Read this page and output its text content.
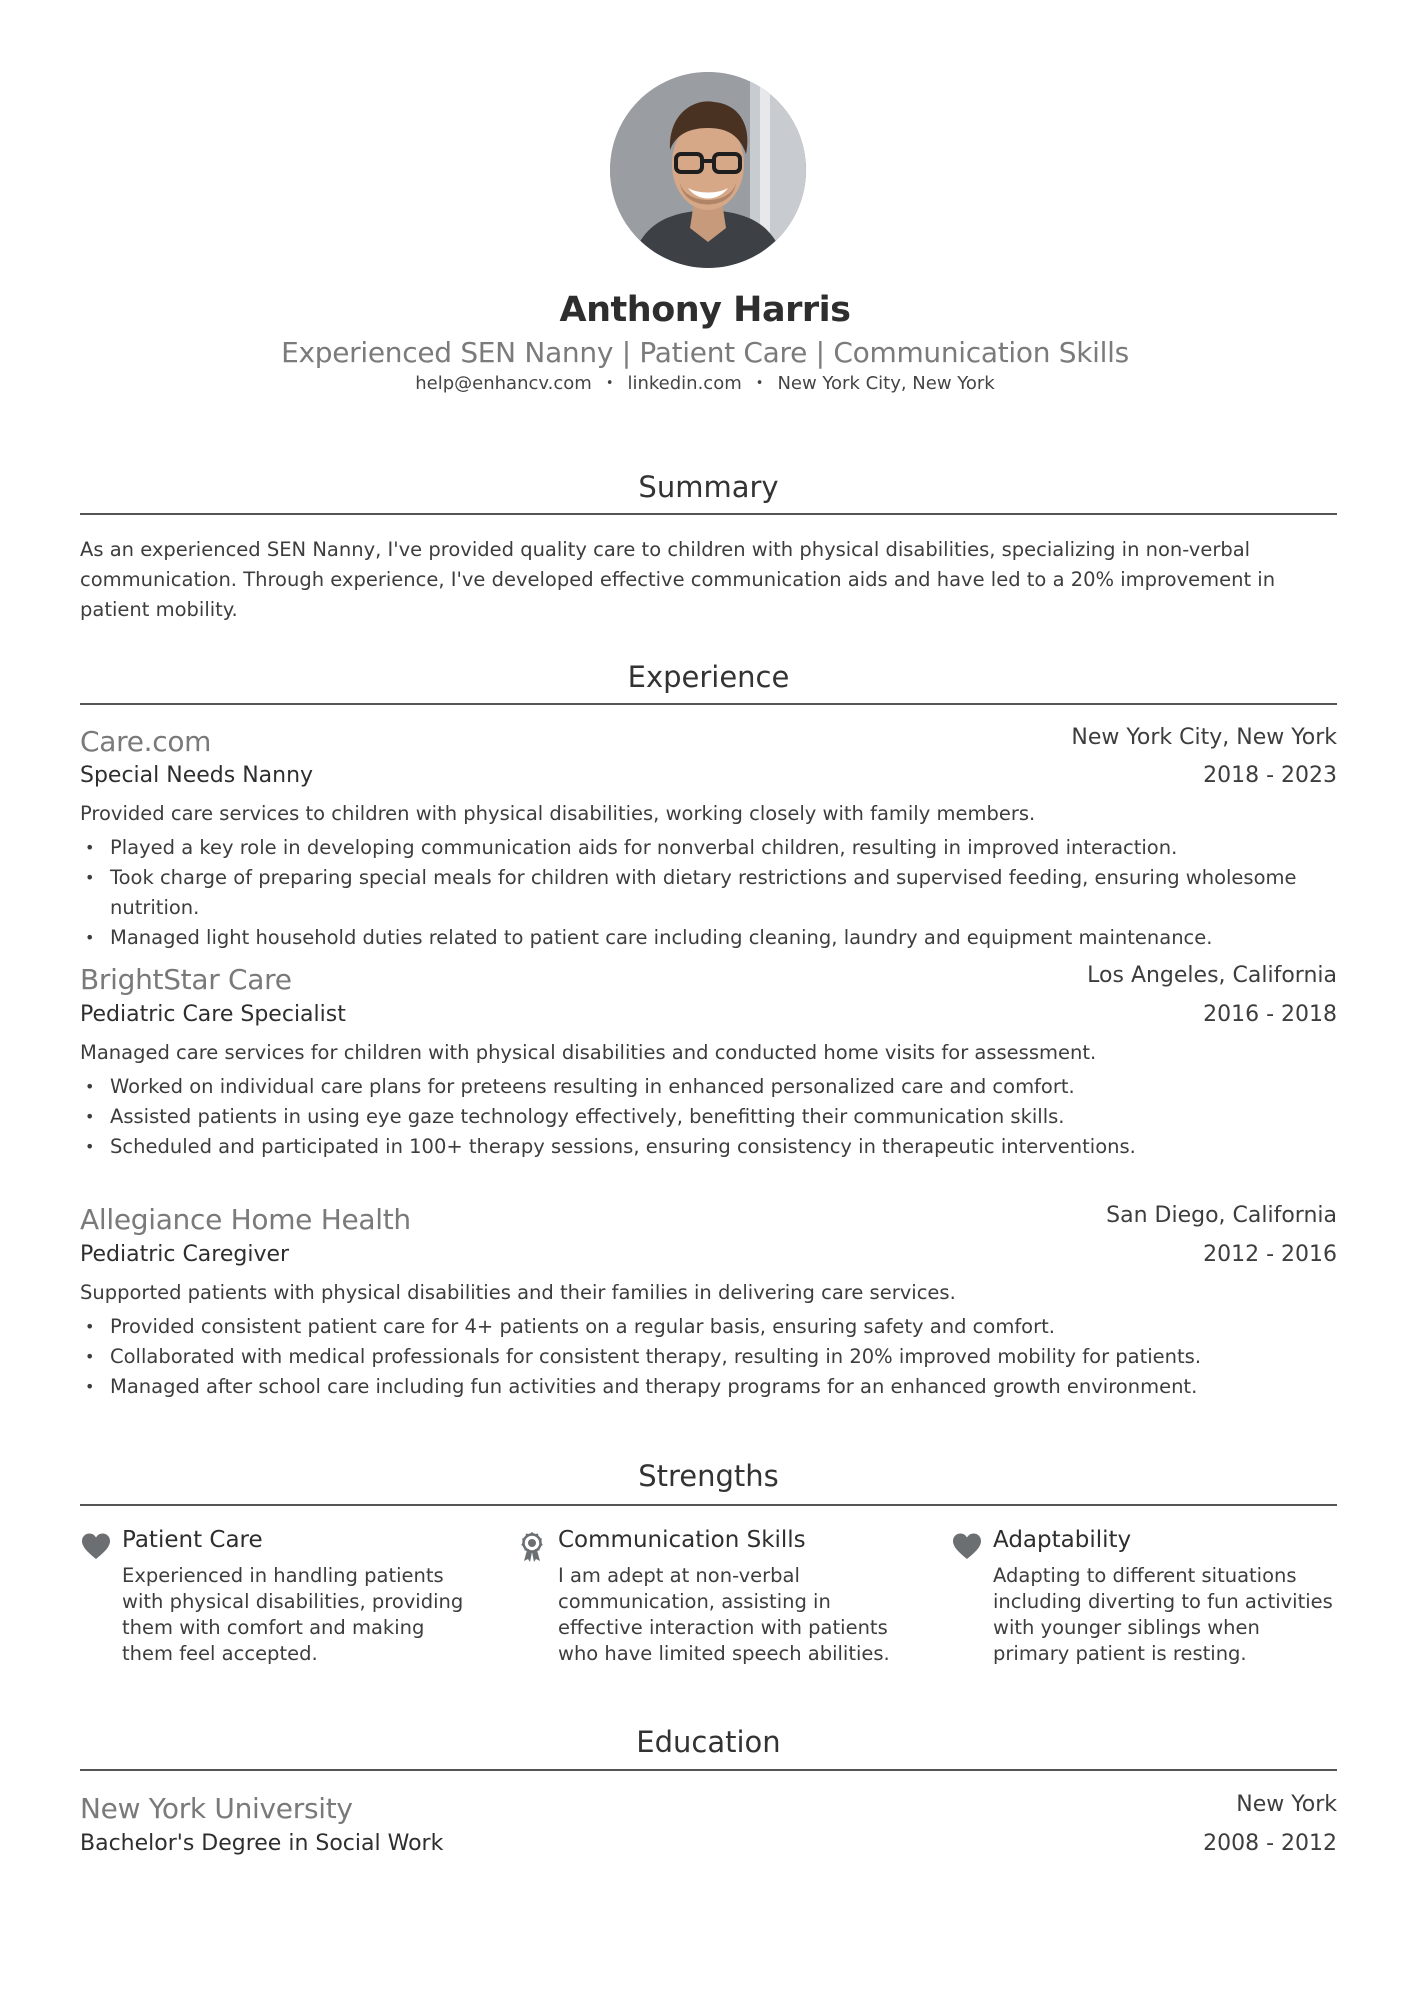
Anthony Harris
Experienced SEN Nanny | Patient Care | Communication Skills
help@enhancv.com • linkedin.com • New York City, New York
Summary
As an experienced SEN Nanny, I've provided quality care to children with physical disabilities, specializing in non-verbal communication. Through experience, I've developed effective communication aids and have led to a 20% improvement in patient mobility.
Experience
Care.com	New York City, New York
Special Needs Nanny	2018 - 2023
Provided care services to children with physical disabilities, working closely with family members.
• Played a key role in developing communication aids for nonverbal children, resulting in improved interaction.
• Took charge of preparing special meals for children with dietary restrictions and supervised feeding, ensuring wholesome nutrition.
• Managed light household duties related to patient care including cleaning, laundry and equipment maintenance.
BrightStar Care	Los Angeles, California
Pediatric Care Specialist	2016 - 2018
Managed care services for children with physical disabilities and conducted home visits for assessment.
• Worked on individual care plans for preteens resulting in enhanced personalized care and comfort.
• Assisted patients in using eye gaze technology effectively, benefitting their communication skills.
• Scheduled and participated in 100+ therapy sessions, ensuring consistency in therapeutic interventions.
Allegiance Home Health	San Diego, California
Pediatric Caregiver	2012 - 2016
Supported patients with physical disabilities and their families in delivering care services.
• Provided consistent patient care for 4+ patients on a regular basis, ensuring safety and comfort.
• Collaborated with medical professionals for consistent therapy, resulting in 20% improved mobility for patients.
• Managed after school care including fun activities and therapy programs for an enhanced growth environment.
Strengths
Patient Care
Experienced in handling patients with physical disabilities, providing them with comfort and making them feel accepted.
Communication Skills
I am adept at non-verbal communication, assisting in effective interaction with patients who have limited speech abilities.
Adaptability
Adapting to different situations including diverting to fun activities with younger siblings when primary patient is resting.
Education
New York University	New York
Bachelor's Degree in Social Work	2008 - 2012
